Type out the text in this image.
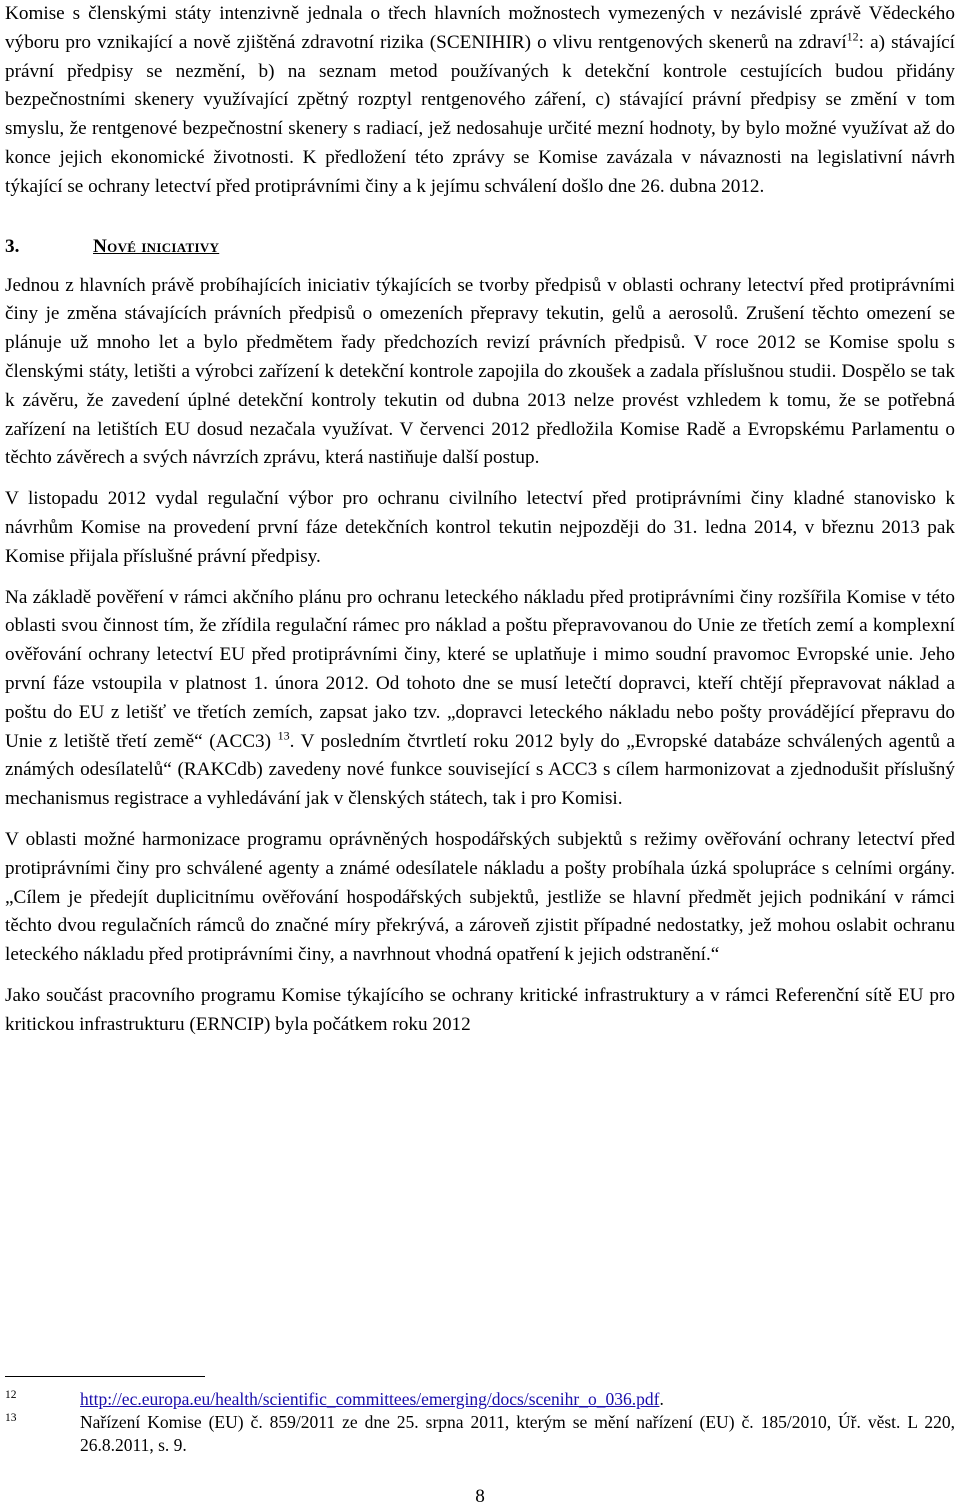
Komise s členskými státy intenzivně jednala o třech hlavních možnostech vymezených v nezávislé zprávě Vědeckého výboru pro vznikající a nově zjištěná zdravotní rizika (SCENIHIR) o vlivu rentgenových skenerů na zdraví$^{12}$: a) stávající právní předpisy se nezmění, b) na seznam metod používaných k detekční kontrole cestujících budou přidány bezpečnostními skenery využívající zpětný rozptyl rentgenového záření, c) stávající právní předpisy se změní v tom smyslu, že rentgenové bezpečnostní skenery s radiací, jež nedosahuje určité mezní hodnoty, by bylo možné využívat až do konce jejich ekonomické životnosti. K předložení této zprávy se Komise zavázala v návaznosti na legislativní návrh týkající se ochrany letectví před protiprávními činy a k jejímu schválení došlo dne 26. dubna 2012.

3.	Nové iniciativy

Jednou z hlavních právě probíhajících iniciativ týkajících se tvorby předpisů v oblasti ochrany letectví před protiprávními činy je změna stávajících právních předpisů o omezeních přepravy tekutin, gelů a aerosolů. Zrušení těchto omezení se plánuje už mnoho let a bylo předmětem řady předchozích revizí právních předpisů. V roce 2012 se Komise spolu s členskými státy, letišti a výrobci zařízení k detekční kontrole zapojila do zkoušek a zadala příslušnou studii. Dospělo se tak k závěru, že zavedení úplné detekční kontroly tekutin od dubna 2013 nelze provést vzhledem k tomu, že se potřebná zařízení na letištích EU dosud nezačala využívat. V červenci 2012 předložila Komise Radě a Evropskému Parlamentu o těchto závěrech a svých návrzích zprávu, která nastiňuje další postup.

V listopadu 2012 vydal regulační výbor pro ochranu civilního letectví před protiprávními činy kladné stanovisko k návrhům Komise na provedení první fáze detekčních kontrol tekutin nejpozději do 31. ledna 2014, v březnu 2013 pak Komise přijala příslušné právní předpisy.

Na základě pověření v rámci akčního plánu pro ochranu leteckého nákladu před protiprávními činy rozšířila Komise v této oblasti svou činnost tím, že zřídila regulační rámec pro náklad a poštu přepravovanou do Unie ze třetích zemí a komplexní ověřování ochrany letectví EU před protiprávními činy, které se uplatňuje i mimo soudní pravomoc Evropské unie. Jeho první fáze vstoupila v platnost 1. února 2012. Od tohoto dne se musí letečtí dopravci, kteří chtějí přepravovat náklad a poštu do EU z letišť ve třetích zemích, zapsat jako tzv. „dopravci leteckého nákladu nebo pošty provádějící přepravu do Unie z letiště třetí země“ (ACC3) $^{13}$. V posledním čtvrtletí roku 2012 byly do „Evropské databáze schválených agentů a známých odesílatelů“ (RAKCdb) zavedeny nové funkce související s ACC3 s cílem harmonizovat a zjednodušit příslušný mechanismus registrace a vyhledávání jak v členských státech, tak i pro Komisi.

V oblasti možné harmonizace programu oprávněných hospodářských subjektů s režimy ověřování ochrany letectví před protiprávními činy pro schválené agenty a známé odesílatele nákladu a pošty probíhala úzká spolupráce s celními orgány. „Cílem je předejít duplicitnímu ověřování hospodářských subjektů, jestliže se hlavní předmět jejich podnikání v rámci těchto dvou regulačních rámců do značné míry překrývá, a zároveň zjistit případné nedostatky, jež mohou oslabit ochranu leteckého nákladu před protiprávními činy, a navrhnout vhodná opatření k jejich odstranění.“

Jako součást pracovního programu Komise týkajícího se ochrany kritické infrastruktury a v rámci Referenční sítě EU pro kritickou infrastrukturu (ERNCIP) byla počátkem roku 2012

12	http://ec.europa.eu/health/scientific_committees/emerging/docs/scenihr_o_036.pdf.
13	Nařízení Komise (EU) č. 859/2011 ze dne 25. srpna 2011, kterým se mění nařízení (EU) č. 185/2010, Úř. věst. L 220, 26.8.2011, s. 9.
8
